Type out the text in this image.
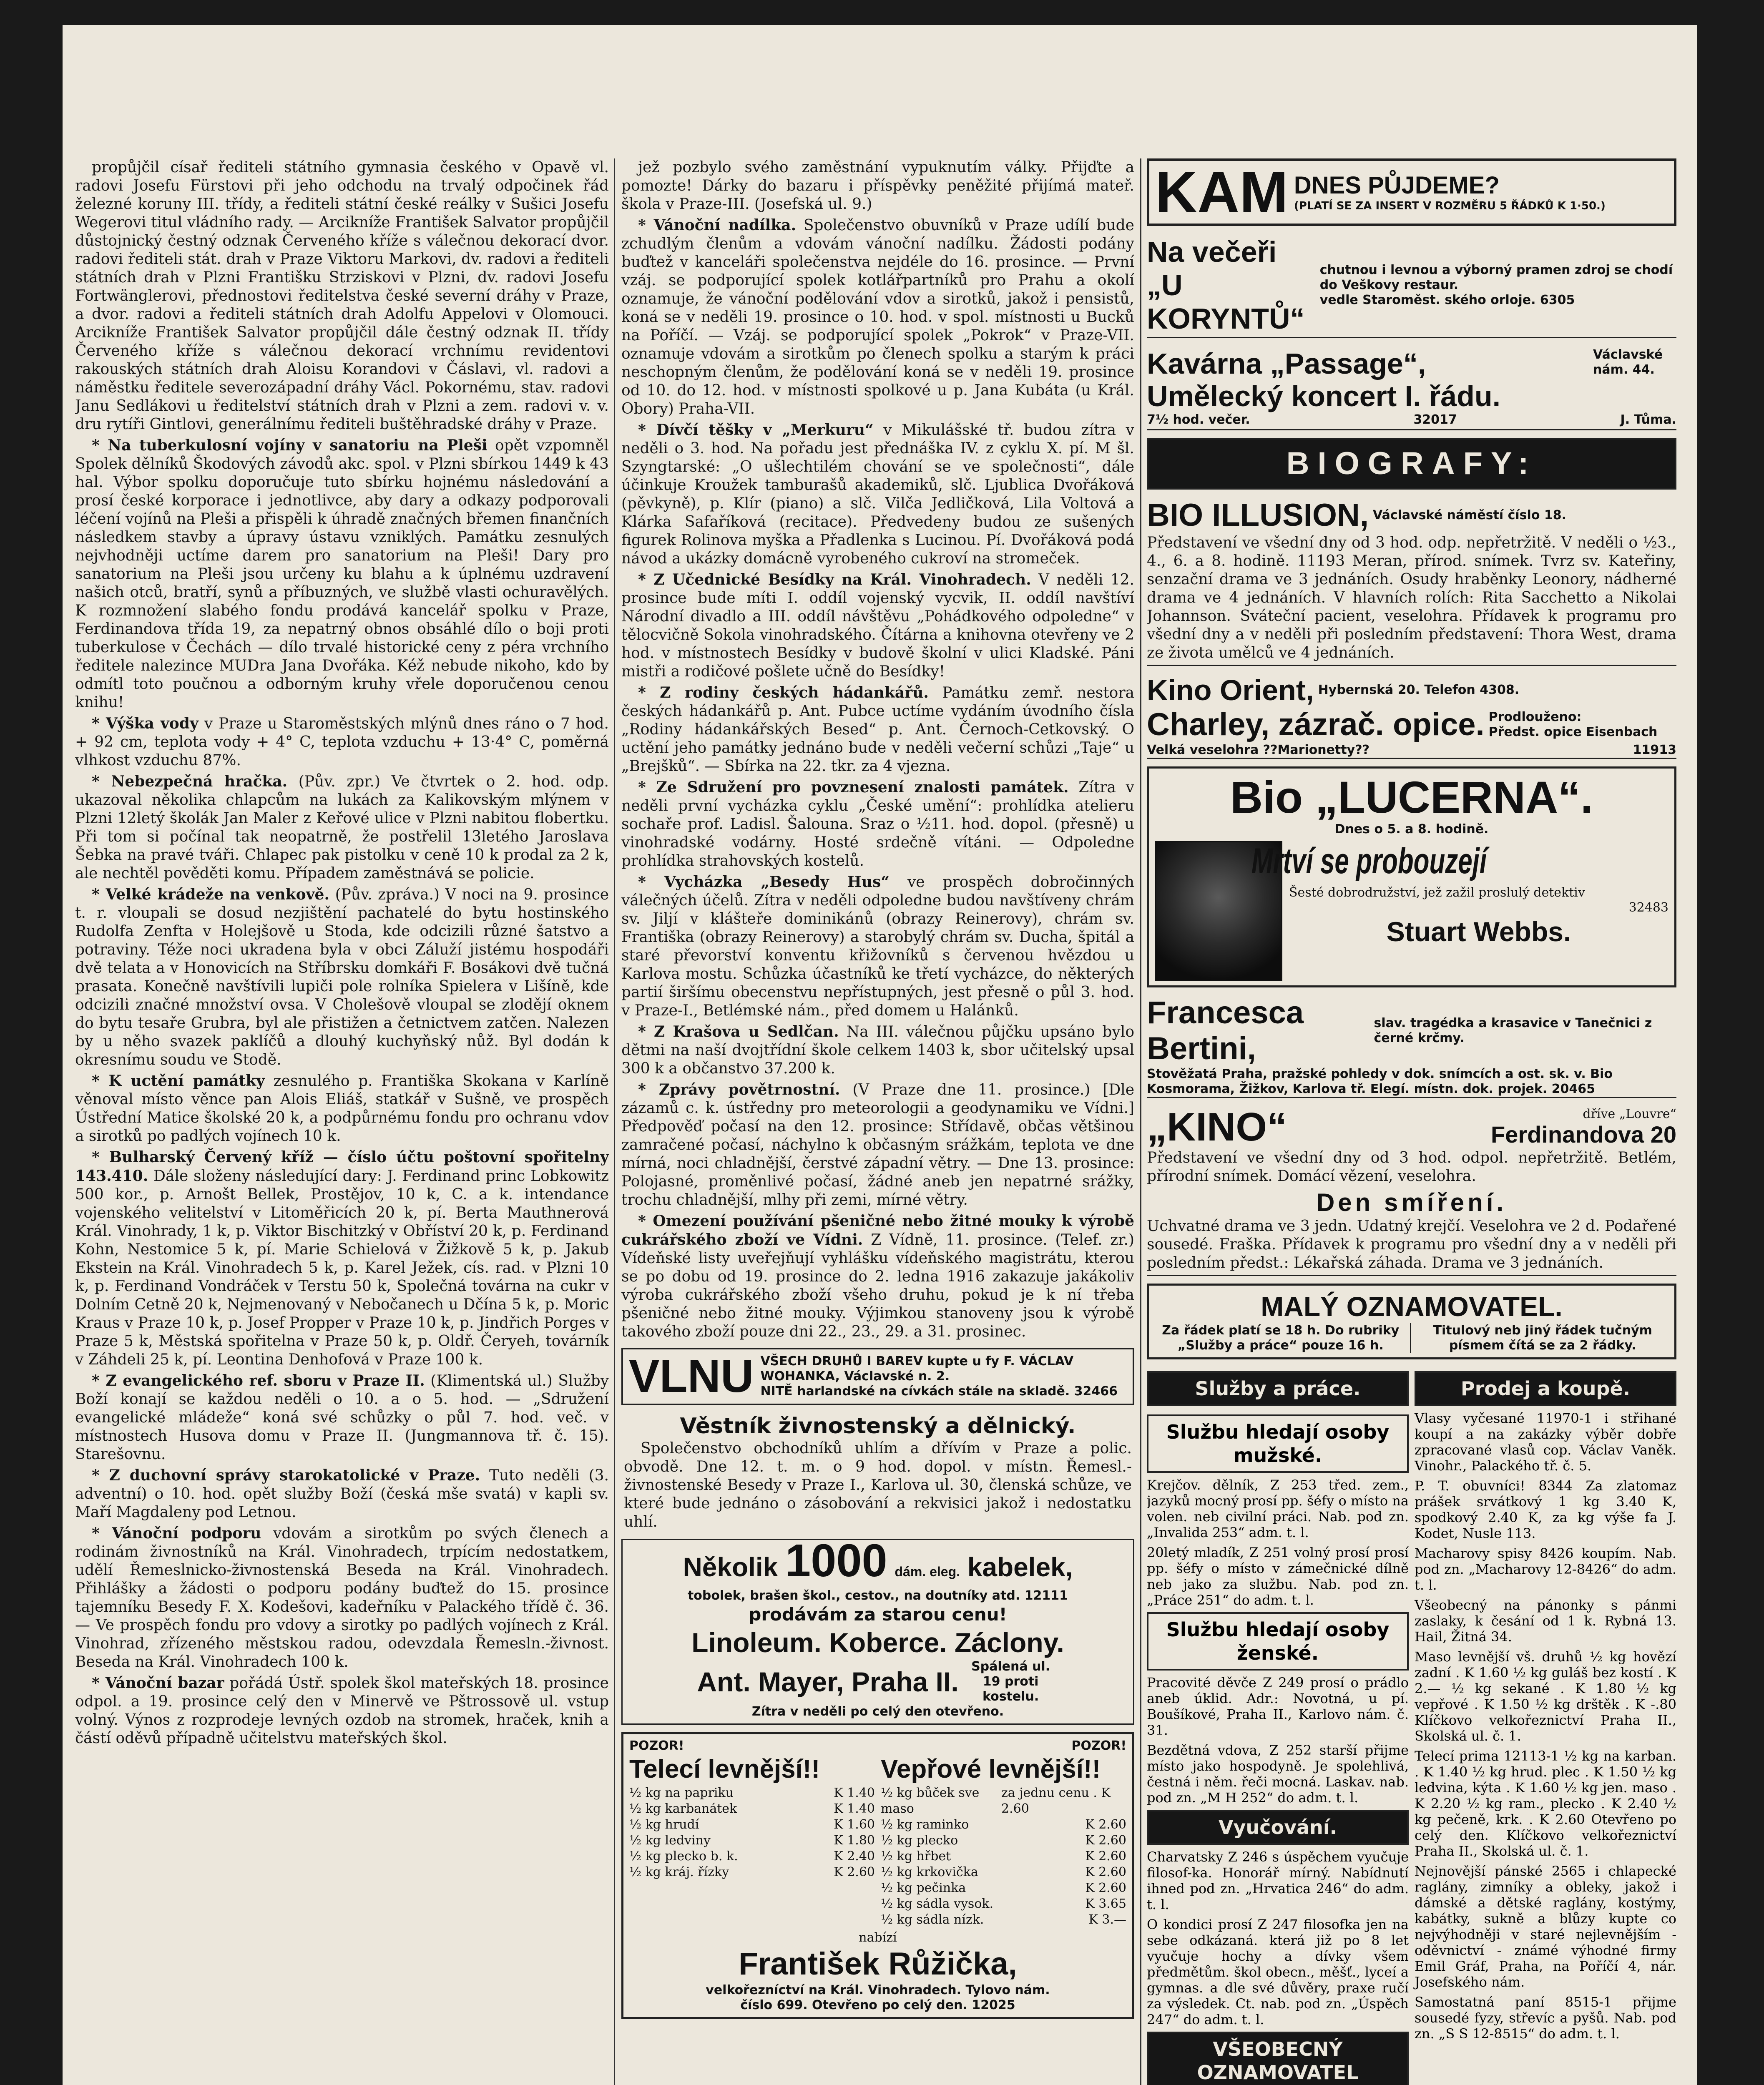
propůjčil císař řediteli státního gymnasia českého v Opavě vl. radovi Josefu Fürstovi při jeho odchodu na trvalý odpočinek řád železné koruny III. třídy, a řediteli státní české reálky v Sušici Josefu Wegerovi titul vládního rady. — Arcikníže František Salvator propůjčil důstojnický čestný odznak Červeného kříže s válečnou dekorací dvor. radovi řediteli stát. drah v Praze Viktoru Markovi, dv. radovi a řediteli státních drah v Plzni Františku Strziskovi v Plzni, dv. radovi Josefu Fortwänglerovi, přednostovi ředitelstva české severní dráhy v Praze, a dvor. radovi a řediteli státních drah Adolfu Appelovi v Olomouci. Arcikníže František Salvator propůjčil dále čestný odznak II. třídy Červeného kříže s válečnou dekorací vrchnímu revidentovi rakouských státních drah Aloisu Korandovi v Čáslavi, vl. radovi a náměstku ředitele severozápadní dráhy Václ. Pokornému, stav. radovi Janu Sedlákovi u ředitelství státních drah v Plzni a zem. radovi v. v. dru rytíři Gintlovi, generálnímu řediteli buštěhradské dráhy v Praze.

* Na tuberkulosní vojíny v sanatoriu na Pleši opět vzpomněl Spolek dělníků Škodových závodů akc. spol. v Plzni sbírkou 1449 k 43 hal. Výbor spolku doporučuje tuto sbírku hojnému následování a prosí české korporace i jednotlivce, aby dary a odkazy podporovali léčení vojínů na Pleši a přispěli k úhradě značných břemen finančních následkem stavby a úpravy ústavu vzniklých. Památku zesnulých nejvhodněji uctíme darem pro sanatorium na Pleši! Dary pro sanatorium na Pleši jsou určeny ku blahu a k úplnému uzdravení našich otců, bratří, synů a příbuzných, ve službě vlasti ochuravělých. K rozmnožení slabého fondu prodává kancelář spolku v Praze, Ferdinandova třída 19, za nepatrný obnos obsáhlé dílo o boji proti tuberkulose v Čechách — dílo trvalé historické ceny z péra vrchního ředitele nalezince MUDra Jana Dvořáka. Kéž nebude nikoho, kdo by odmítl toto poučnou a odborným kruhy vřele doporučenou cenou knihu!

* Výška vody v Praze u Staroměstských mlýnů dnes ráno o 7 hod. + 92 cm, teplota vody + 4° C, teplota vzduchu + 13·4° C, poměrná vlhkost vzduchu 87%.

* Nebezpečná hračka. (Pův. zpr.) Ve čtvrtek o 2. hod. odp. ukazoval několika chlapcům na lukách za Kalikovským mlýnem v Plzni 12letý školák Jan Maler z Keřové ulice v Plzni nabitou flobertku. Při tom si počínal tak neopatrně, že postřelil 13letého Jaroslava Šebka na pravé tváři. Chlapec pak pistolku v ceně 10 k prodal za 2 k, ale nechtěl pověděti komu. Případem zaměstnává se policie.

* Velké krádeže na venkově. (Pův. zpráva.) V noci na 9. prosince t. r. vloupali se dosud nezjištění pachatelé do bytu hostinského Rudolfa Zenfta v Holejšově u Stoda, kde odcizili různé šatstvo a potraviny. Téže noci ukradena byla v obci Záluží jistému hospodáři dvě telata a v Honovicích na Stříbrsku domkáři F. Bosákovi dvě tučná prasata. Konečně navštívili lupiči pole rolníka Spielera v Lišíně, kde odcizili značné množství ovsa. V Cholešově vloupal se zlodějí oknem do bytu tesaře Grubra, byl ale přistižen a četnictvem zatčen. Nalezen by u něho svazek paklíčů a dlouhý kuchyňský nůž. Byl dodán k okresnímu soudu ve Stodě.

* K uctění památky zesnulého p. Františka Skokana v Karlíně věnoval místo věnce pan Alois Eliáš, statkář v Sušně, ve prospěch Ústřední Matice školské 20 k, a podpůrnému fondu pro ochranu vdov a sirotků po padlých vojínech 10 k.

* Bulharský Červený kříž — číslo účtu poštovní spořitelny 143.410. Dále složeny následující dary: J. Ferdinand princ Lobkowitz 500 kor., p. Arnošt Bellek, Prostějov, 10 k, C. a k. intendance vojenského velitelství v Litoměřicích 20 k, pí. Berta Mauthnerová Král. Vinohrady, 1 k, p. Viktor Bischitzký v Obříství 20 k, p. Ferdinand Kohn, Nestomice 5 k, pí. Marie Schielová v Žižkově 5 k, p. Jakub Ekstein na Král. Vinohradech 5 k, p. Karel Ježek, cís. rad. v Plzni 10 k, p. Ferdinand Vondráček v Terstu 50 k, Společná továrna na cukr v Dolním Cetně 20 k, Nejmenovaný v Nebočanech u Dčína 5 k, p. Moric Kraus v Praze 10 k, p. Josef Propper v Praze 10 k, p. Jindřich Porges v Praze 5 k, Městská spořitelna v Praze 50 k, p. Oldř. Čeryeh, továrník v Záhdeli 25 k, pí. Leontina Denhofová v Praze 100 k.

* Z evangelického ref. sboru v Praze II. (Klimentská ul.) Služby Boží konají se každou neděli o 10. a o 5. hod. — „Sdružení evangelické mládeže“ koná své schůzky o půl 7. hod. več. v místnostech Husova domu v Praze II. (Jungmannova tř. č. 15). Starešovnu.

* Z duchovní správy starokatolické v Praze. Tuto neděli (3. adventní) o 10. hod. opět služby Boží (česká mše svatá) v kapli sv. Maří Magdaleny pod Letnou.

* Vánoční podporu vdovám a sirotkům po svých členech a rodinám živnostníků na Král. Vinohradech, trpícím nedostatkem, udělí Řemeslnicko-živnostenská Beseda na Král. Vinohradech. Přihlášky a žádosti o podporu podány buďtež do 15. prosince tajemníku Besedy F. X. Kodešovi, kadeřníku v Palackého třídě č. 36. — Ve prospěch fondu pro vdovy a sirotky po padlých vojínech z Král. Vinohrad, zřízeného městskou radou, odevzdala Řemesln.-živnost. Beseda na Král. Vinohradech 100 k.

* Vánoční bazar pořádá Ústř. spolek škol mateřských 18. prosince odpol. a 19. prosince celý den v Minervě ve Pštrossově ul. vstup volný. Výnos z rozprodeje levných ozdob na stromek, hraček, knih a částí oděvů případně učitelstvu mateřských škol.

jež pozbylo svého zaměstnání vypuknutím války. Přijďte a pomozte! Dárky do bazaru i příspěvky peněžité přijímá mateř. škola v Praze-III. (Josefská ul. 9.)

* Vánoční nadílka. Společenstvo obuvníků v Praze udílí bude zchudlým členům a vdovám vánoční nadílku. Žádosti podány buďtež v kanceláři společenstva nejdéle do 16. prosince. — První vzáj. se podporující spolek kotlářpartníků pro Prahu a okolí oznamuje, že vánoční podělování vdov a sirotků, jakož i pensistů, koná se v neděli 19. prosince o 10. hod. v spol. místnosti u Bucků na Poříčí. — Vzáj. se podporující spolek „Pokrok“ v Praze-VII. oznamuje vdovám a sirotkům po členech spolku a starým k práci neschopným členům, že podělování koná se v neděli 19. prosince od 10. do 12. hod. v místnosti spolkové u p. Jana Kubáta (u Král. Obory) Praha-VII.

* Dívčí těšky v „Merkuru“ v Mikulášské tř. budou zítra v neděli o 3. hod. Na pořadu jest přednáška IV. z cyklu X. pí. M šl. Szyngtarské: „O ušlechtilém chování se ve společnosti“, dále účinkuje Kroužek tamburašů akademiků, slč. Ljublica Dvořáková (pěvkyně), p. Klír (piano) a slč. Vilča Jedličková, Lila Voltová a Klárka Safaříková (recitace). Předvedeny budou ze sušených figurek Rolinova myška a Přadlenka s Lucinou. Pí. Dvořáková podá návod a ukázky domácně vyrobeného cukroví na stromeček.

* Z Učednické Besídky na Král. Vinohradech. V neděli 12. prosince bude míti I. oddíl vojenský vycvik, II. oddíl navštíví Národní divadlo a III. oddíl návštěvu „Pohádkového odpoledne“ v tělocvičně Sokola vinohradského. Čítárna a knihovna otevřeny ve 2 hod. v místnostech Besídky v budově školní v ulici Kladské. Páni mistři a rodičové pošlete učně do Besídky!

* Z rodiny českých hádankářů. Památku zemř. nestora českých hádankářů p. Ant. Pubce uctíme vydáním úvodního čísla „Rodiny hádankářských Besed“ p. Ant. Černoch-Cetkovský. O uctění jeho památky jednáno bude v neděli večerní schůzi „Taje“ u „Brejšků“. — Sbírka na 22. tkr. za 4 vjezna.

* Ze Sdružení pro povznesení znalosti památek. Zítra v neděli první vycházka cyklu „České umění“: prohlídka atelieru sochaře prof. Ladisl. Šalouna. Sraz o ½11. hod. dopol. (přesně) u vinohradské vodárny. Hosté srdečně vítáni. — Odpoledne prohlídka strahovských kostelů.

* Vycházka „Besedy Hus“ ve prospěch dobročinných válečných účelů. Zítra v neděli odpoledne budou navštíveny chrám sv. Jiljí v klášteře dominikánů (obrazy Reinerovy), chrám sv. Františka (obrazy Reinerovy) a starobylý chrám sv. Ducha, špitál a staré převorství konventu křižovníků s červenou hvězdou u Karlova mostu. Schůzka účastníků ke třetí vycházce, do některých partií širšímu obecenstvu nepřístupných, jest přesně o půl 3. hod. v Praze-I., Betlémské nám., před domem u Halánků.

* Z Krašova u Sedlčan. Na III. válečnou půjčku upsáno bylo dětmi na naší dvojtřídní škole celkem 1403 k, sbor učitelský upsal 300 k a občanstvo 37.200 k.

* Zprávy povětrnostní. (V Praze dne 11. prosince.) [Dle zázamů c. k. ústředny pro meteorologii a geodynamiku ve Vídni.] Předpověď počasí na den 12. prosince: Střídavě, občas většinou zamračené počasí, náchylno k občasným srážkám, teplota ve dne mírná, noci chladnější, čerstvé západní větry. — Dne 13. prosince: Polojasné, proměnlivé počasí, žádné aneb jen nepatrné srážky, trochu chladnější, mlhy při zemi, mírné větry.

* Omezení používání pšeničné nebo žitné mouky k výrobě cukrářského zboží ve Vídni. Z Vídně, 11. prosince. (Telef. zr.) Vídeňské listy uveřejňují vyhlášku vídeňského magistrátu, kterou se po dobu od 19. prosince do 2. ledna 1916 zakazuje jakákoliv výroba cukrářského zboží všeho druhu, pokud je k ní třeba pšeničné nebo žitné mouky. Výjimkou stanoveny jsou k výrobě takového zboží pouze dni 22., 23., 29. a 31. prosinec.

VLNU VŠECH DRUHŮ I BAREV kupte u fy F. VÁCLAV WOHANKA, Václavské n. 2.
NITĚ harlandské na cívkách stále na skladě. 32466
Věstník živnostenský a dělnický.

Společenstvo obchodníků uhlím a dřívím v Praze a polic. obvodě. Dne 12. t. m. o 9 hod. dopol. v místn. Řemesl.-živnostenské Besedy v Praze I., Karlova ul. 30, členská schůze, ve které bude jednáno o zásobování a rekvisici jakož i nedostatku uhlí.

Několik 1000 dám. eleg. kabelek,
tobolek, brašen škol., cestov., na doutníky atd. 12111
prodávám za starou cenu!
Linoleum. Koberce. Záclony.
Ant. Mayer, Praha II.	Spálená ul. 19 proti kostelu.
Zítra v neděli po celý den otevřeno.
POZOR!
Telecí levnější!!
½ kg na papriku	K 1.40
½ kg karbanátek	K 1.40
½ kg hrudí	K 1.60
½ kg ledviny	K 1.80
½ kg plecko b. k.	K 2.40
½ kg kráj. řízky	K 2.60
POZOR!
Vepřové levnější!!
½ kg bůček sve maso
za jednu cenu . K 2.60
½ kg raminko	K 2.60
½ kg plecko	K 2.60
½ kg hřbet	K 2.60
½ kg krkovička	K 2.60
½ kg pečinka	K 2.60
½ kg sádla vysok.	K 3.65
½ kg sádla nízk.	K 3.—
nabízí
František Růžička,
velkořezníctví na Král. Vinohradech. Tylovo nám.
číslo 699. Otevřeno po celý den. 12025
KAM DNES PŮJDEME?
(PLATÍ SE ZA INSERT V ROZMĚRU 5 ŘÁDKŮ K 1·50.)
Na večeři
„U KORYNTŮ“
chutnou i levnou a výborný pramen zdroj se chodí do Veškovy restaur.
vedle Staroměst. ského orloje. 6305
Kavárna „Passage“,
Umělecký koncert I. řádu.
Václavské nám. 44.
7½ hod. večer.	32017	J. Tůma.
BIOGRAFY:
BIO ILLUSION, Václavské náměstí číslo 18.

Představení ve všední dny od 3 hod. odp. nepřetržitě. V neděli o ½3., 4., 6. a 8. hodině. 11193 Meran, přírod. snímek. Tvrz sv. Kateřiny, senzační drama ve 3 jednáních. Osudy hraběnky Leonory, nádherné drama ve 4 jednáních. V hlavních rolích: Rita Sacchetto a Nikolai Johannson. Sváteční pacient, veselohra. Přídavek k programu pro všední dny a v neděli při posledním představení: Thora West, drama ze života umělců ve 4 jednáních.

Kino Orient, Hybernská 20. Telefon 4308.
Charley, zázrač. opice. Prodlouženo:
Předst. opice Eisenbach
Velká veselohra ??Marionetty??	11913
Bio „LUCERNA“.
Dnes o 5. a 8. hodině.
Mrtví se probouzejí
Šesté dobrodružství, jež zažil proslulý detektiv
32483
Stuart Webbs.
Francesca Bertini,
slav. tragédka a krasavice v Tanečnici z černé krčmy.
Stověžatá Praha, pražské pohledy v dok. snímcích a ost. sk. v. Bio Kosmorama, Žižkov, Karlova tř. Elegí. místn. dok. projek. 20465
„KINO“	dříve „Louvre“
Ferdinandova 20

Představení ve všední dny od 3 hod. odpol. nepřetržitě. Betlém, přírodní snímek. Domácí vězení, veselohra.

Den smíření.

Uchvatné drama ve 3 jedn. Udatný krejčí. Veselohra ve 2 d. Podařené sousedé. Fraška. Přídavek k programu pro všední dny a v neděli při posledním předst.: Lékařská záhada. Drama ve 3 jednáních.

MALÝ OZNAMOVATEL.
Za řádek platí se 18 h. Do rubriky „Služby a práce“ pouze 16 h.
Titulový neb jiný řádek tučným písmem čítá se za 2 řádky.
Služby a práce.	Prodej a koupě.
Službu hledají osoby mužské.

Krejčov. dělník, Z 253 třed. zem., jazyků mocný prosí pp. šéfy o místo na volen. neb civilní práci. Nab. pod zn. „Invalida 253“ adm. t. l.

20letý mladík, Z 251 volný prosí prosí pp. šéfy o místo v zámečnické dílně neb jako za službu. Nab. pod zn. „Práce 251“ do adm. t. l.

Službu hledají osoby ženské.

Pracovité děvče Z 249 prosí o prádlo aneb úklid. Adr.: Novotná, u pí. Boušíkové, Praha II., Karlovo nám. č. 31.

Bezdětná vdova, Z 252 starší přijme místo jako hospodyně. Je spolehlivá, čestná i něm. řeči mocná. Laskav. nab. pod zn. „M H 252“ do adm. t. l.

Vyučování.

Charvatsky Z 246 s úspěchem vyučuje filosof-ka. Honorář mírný. Nabídnutí ihned pod zn. „Hrvatica 246“ do adm. t. l.

O kondici prosí Z 247 filosofka jen na sebe odkázaná. která již po 8 let vyučuje hochy a dívky všem předmětům. škol obecn., měšť., lyceí a gymnas. a dle své důvěry, praxe ručí za výsledek. Ct. nab. pod zn. „Úspěch 247“ do adm. t. l.

VŠEOBECNÝ OZNAMOVATEL

Vlasy vyčesané 11970-1 i střihané koupí a na zakázky výběr dobře zpracované vlasů cop. Václav Vaněk. Vinohr., Palackého tř. č. 5.

P. T. obuvníci! 8344 Za zlatomaz prášek srvátkový 1 kg 3.40 K, spodkový 2.40 K, za kg výše fa J. Kodet, Nusle 113.

Macharovy spisy 8426 koupím. Nab. pod zn. „Macharovy 12-8426“ do adm. t. l.

Všeobecný na pánonky s pánmi zaslaky, k česání od 1 k. Rybná 13. Hail, Žitná 34.

Maso levnější vš. druhů ½ kg hovězí zadní . K 1.60 ½ kg guláš bez kostí . K 2.— ½ kg sekané . K 1.80 ½ kg vepřové . K 1.50 ½ kg drštěk . K -.80 Klíčkovo velkořeznictví Praha II., Skolská ul. č. 1.

Telecí prima 12113-1 ½ kg na karban. . K 1.40 ½ kg hrud. plec . K 1.50 ½ kg ledvina, kýta . K 1.60 ½ kg jen. maso . K 2.20 ½ kg ram., plecko . K 2.40 ½ kg pečeně, krk. . K 2.60 Otevřeno po celý den. Klíčkovo velkořeznictví Praha II., Skolská ul. č. 1.

Nejnovější pánské 2565 i chlapecké raglány, zimníky a obleky, jakož i dámské a dětské raglány, kostýmy, kabátky, sukně a blůzy kupte co nejvýhodněji v staré nejlevnějším - oděvnictví - známé výhodné firmy Emil Gráf, Praha, na Poříčí 4, nár. Josefského nám.

Samostatná paní 8515-1 přijme sousedé fyzy, střevíc a pyšů. Nab. pod zn. „S S 12-8515“ do adm. t. l.
